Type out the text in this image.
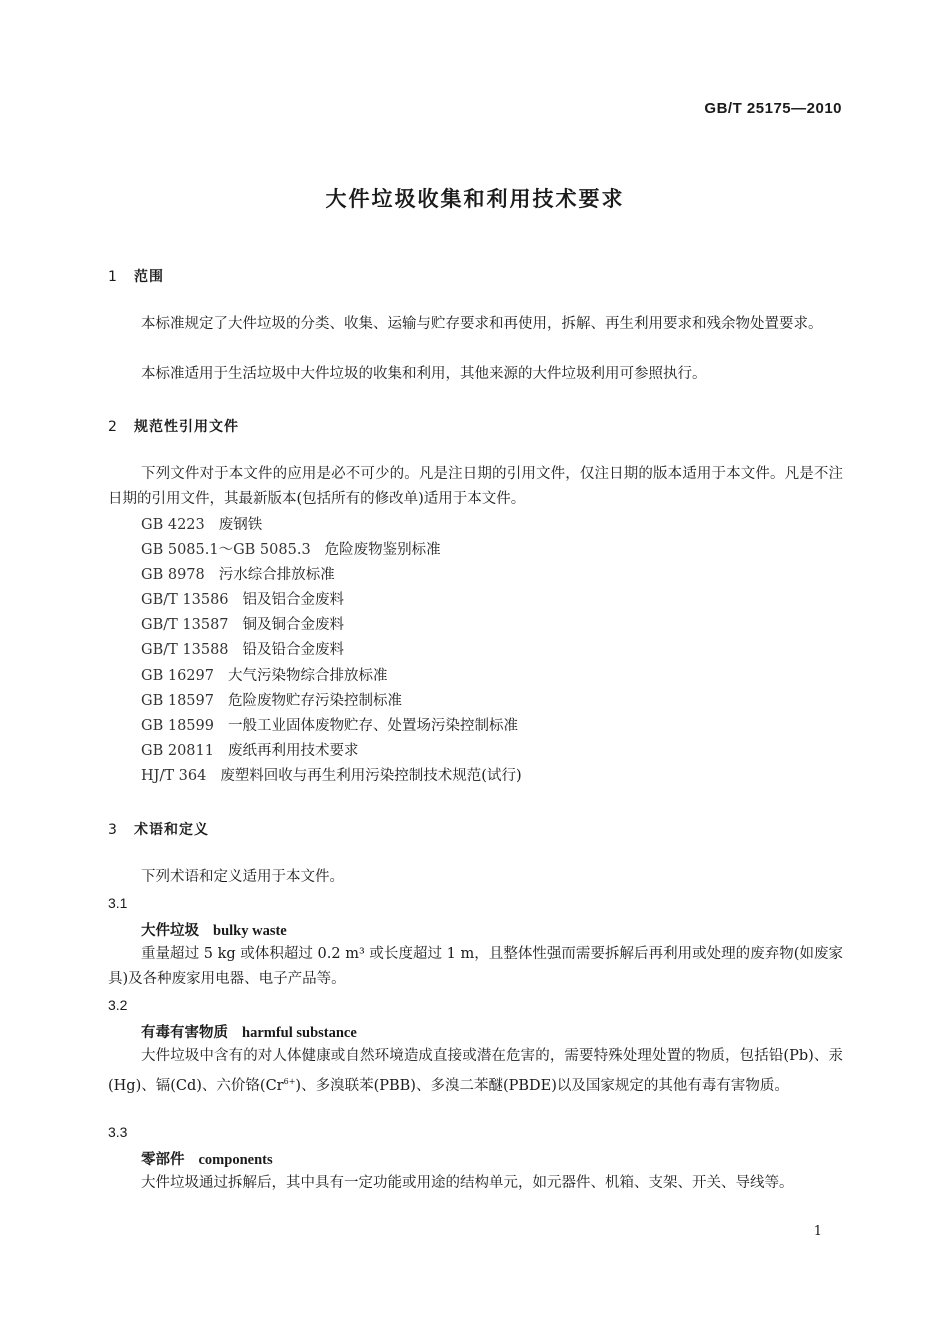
GB/T 25175—2010
大件垃圾收集和利用技术要求
1 范围
本标准规定了大件垃圾的分类、收集、运输与贮存要求和再使用，拆解、再生利用要求和残余物处置要求。
本标准适用于生活垃圾中大件垃圾的收集和利用，其他来源的大件垃圾利用可参照执行。
2 规范性引用文件
下列文件对于本文件的应用是必不可少的。凡是注日期的引用文件，仅注日期的版本适用于本文件。凡是不注日期的引用文件，其最新版本(包括所有的修改单)适用于本文件。
GB 4223 废钢铁
GB 5085.1～GB 5085.3 危险废物鉴别标准
GB 8978 污水综合排放标准
GB/T 13586 铝及铝合金废料
GB/T 13587 铜及铜合金废料
GB/T 13588 铅及铅合金废料
GB 16297 大气污染物综合排放标准
GB 18597 危险废物贮存污染控制标准
GB 18599 一般工业固体废物贮存、处置场污染控制标准
GB 20811 废纸再利用技术要求
HJ/T 364 废塑料回收与再生利用污染控制技术规范(试行)
3 术语和定义
下列术语和定义适用于本文件。
3.1
大件垃圾 bulky waste
重量超过 5 kg 或体积超过 0.2 m³ 或长度超过 1 m，且整体性强而需要拆解后再利用或处理的废弃物(如废家具)及各种废家用电器、电子产品等。
3.2
有毒有害物质 harmful substance
大件垃圾中含有的对人体健康或自然环境造成直接或潜在危害的，需要特殊处理处置的物质，包括铅(Pb)、汞(Hg)、镉(Cd)、六价铬$(Cr^{6+})$、多溴联苯(PBB)、多溴二苯醚(PBDE)以及国家规定的其他有毒有害物质。
3.3
零部件 components
大件垃圾通过拆解后，其中具有一定功能或用途的结构单元，如元器件、机箱、支架、开关、导线等。
1
